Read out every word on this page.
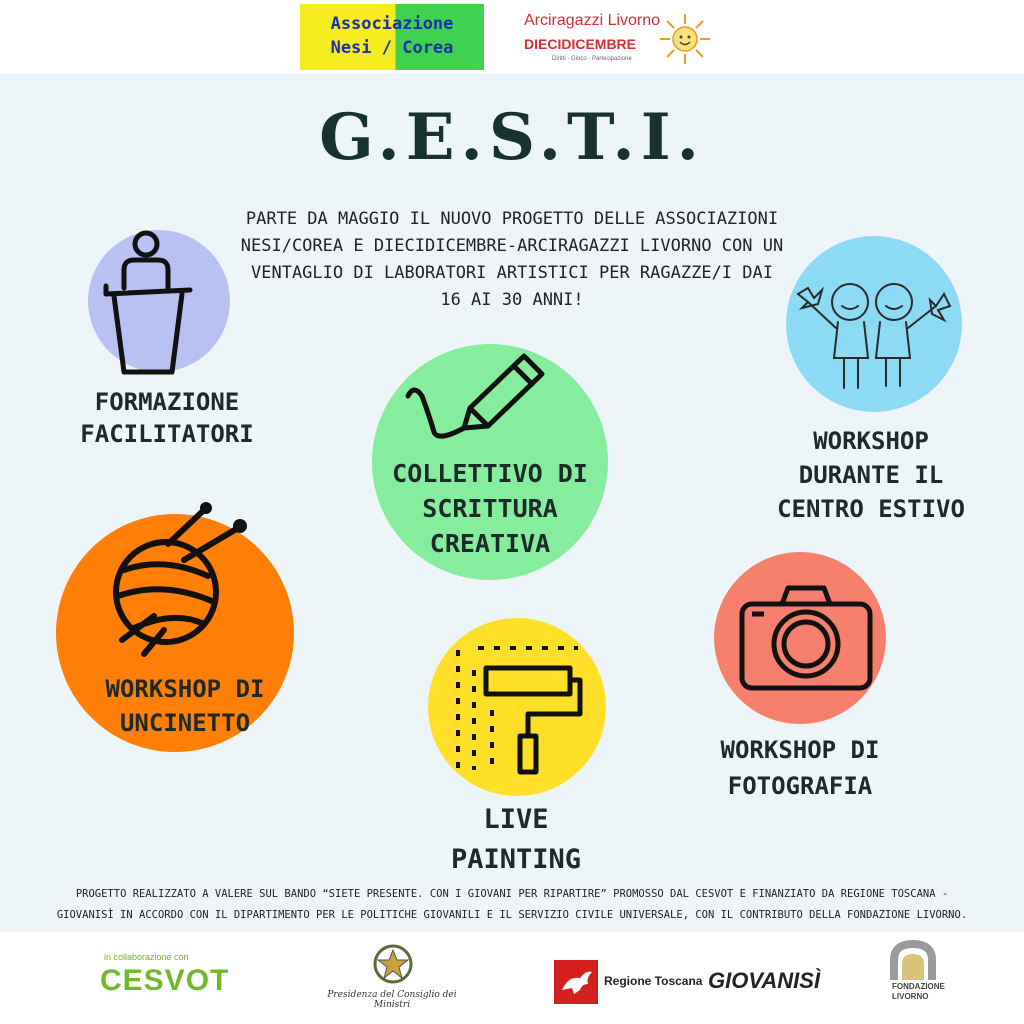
Associazione
Nesi / Corea
Arciragazzi Livorno
DIECIDICEMBRE
Diritti - Gioco - Partecipazione
G.E.S.T.I.
PARTE DA MAGGIO IL NUOVO PROGETTO DELLE ASSOCIAZIONI NESI/COREA E DIECIDICEMBRE-ARCIRAGAZZI LIVORNO CON UN VENTAGLIO DI LABORATORI ARTISTICI PER RAGAZZE/I DAI 16 AI 30 ANNI!
FORMAZIONE
FACILITATORI
COLLETTIVO DI
SCRITTURA
CREATIVA
WORKSHOP
DURANTE IL
CENTRO ESTIVO
WORKSHOP DI
UNCINETTO
LIVE
PAINTING
WORKSHOP DI
FOTOGRAFIA
PROGETTO REALIZZATO A VALERE SUL BANDO “SIETE PRESENTE. CON I GIOVANI PER RIPARTIRE” PROMOSSO DAL CESVOT E FINANZIATO DA REGIONE TOSCANA -
GIOVANISÌ IN ACCORDO CON IL DIPARTIMENTO PER LE POLITICHE GIOVANILI E IL SERVIZIO CIVILE UNIVERSALE, CON IL CONTRIBUTO DELLA FONDAZIONE LIVORNO.
in collaborazione con
CESVOT	Presidenza del Consiglio dei Ministri
Regione Toscana GIOVANISÌ	FONDAZIONE
LIVORNO
